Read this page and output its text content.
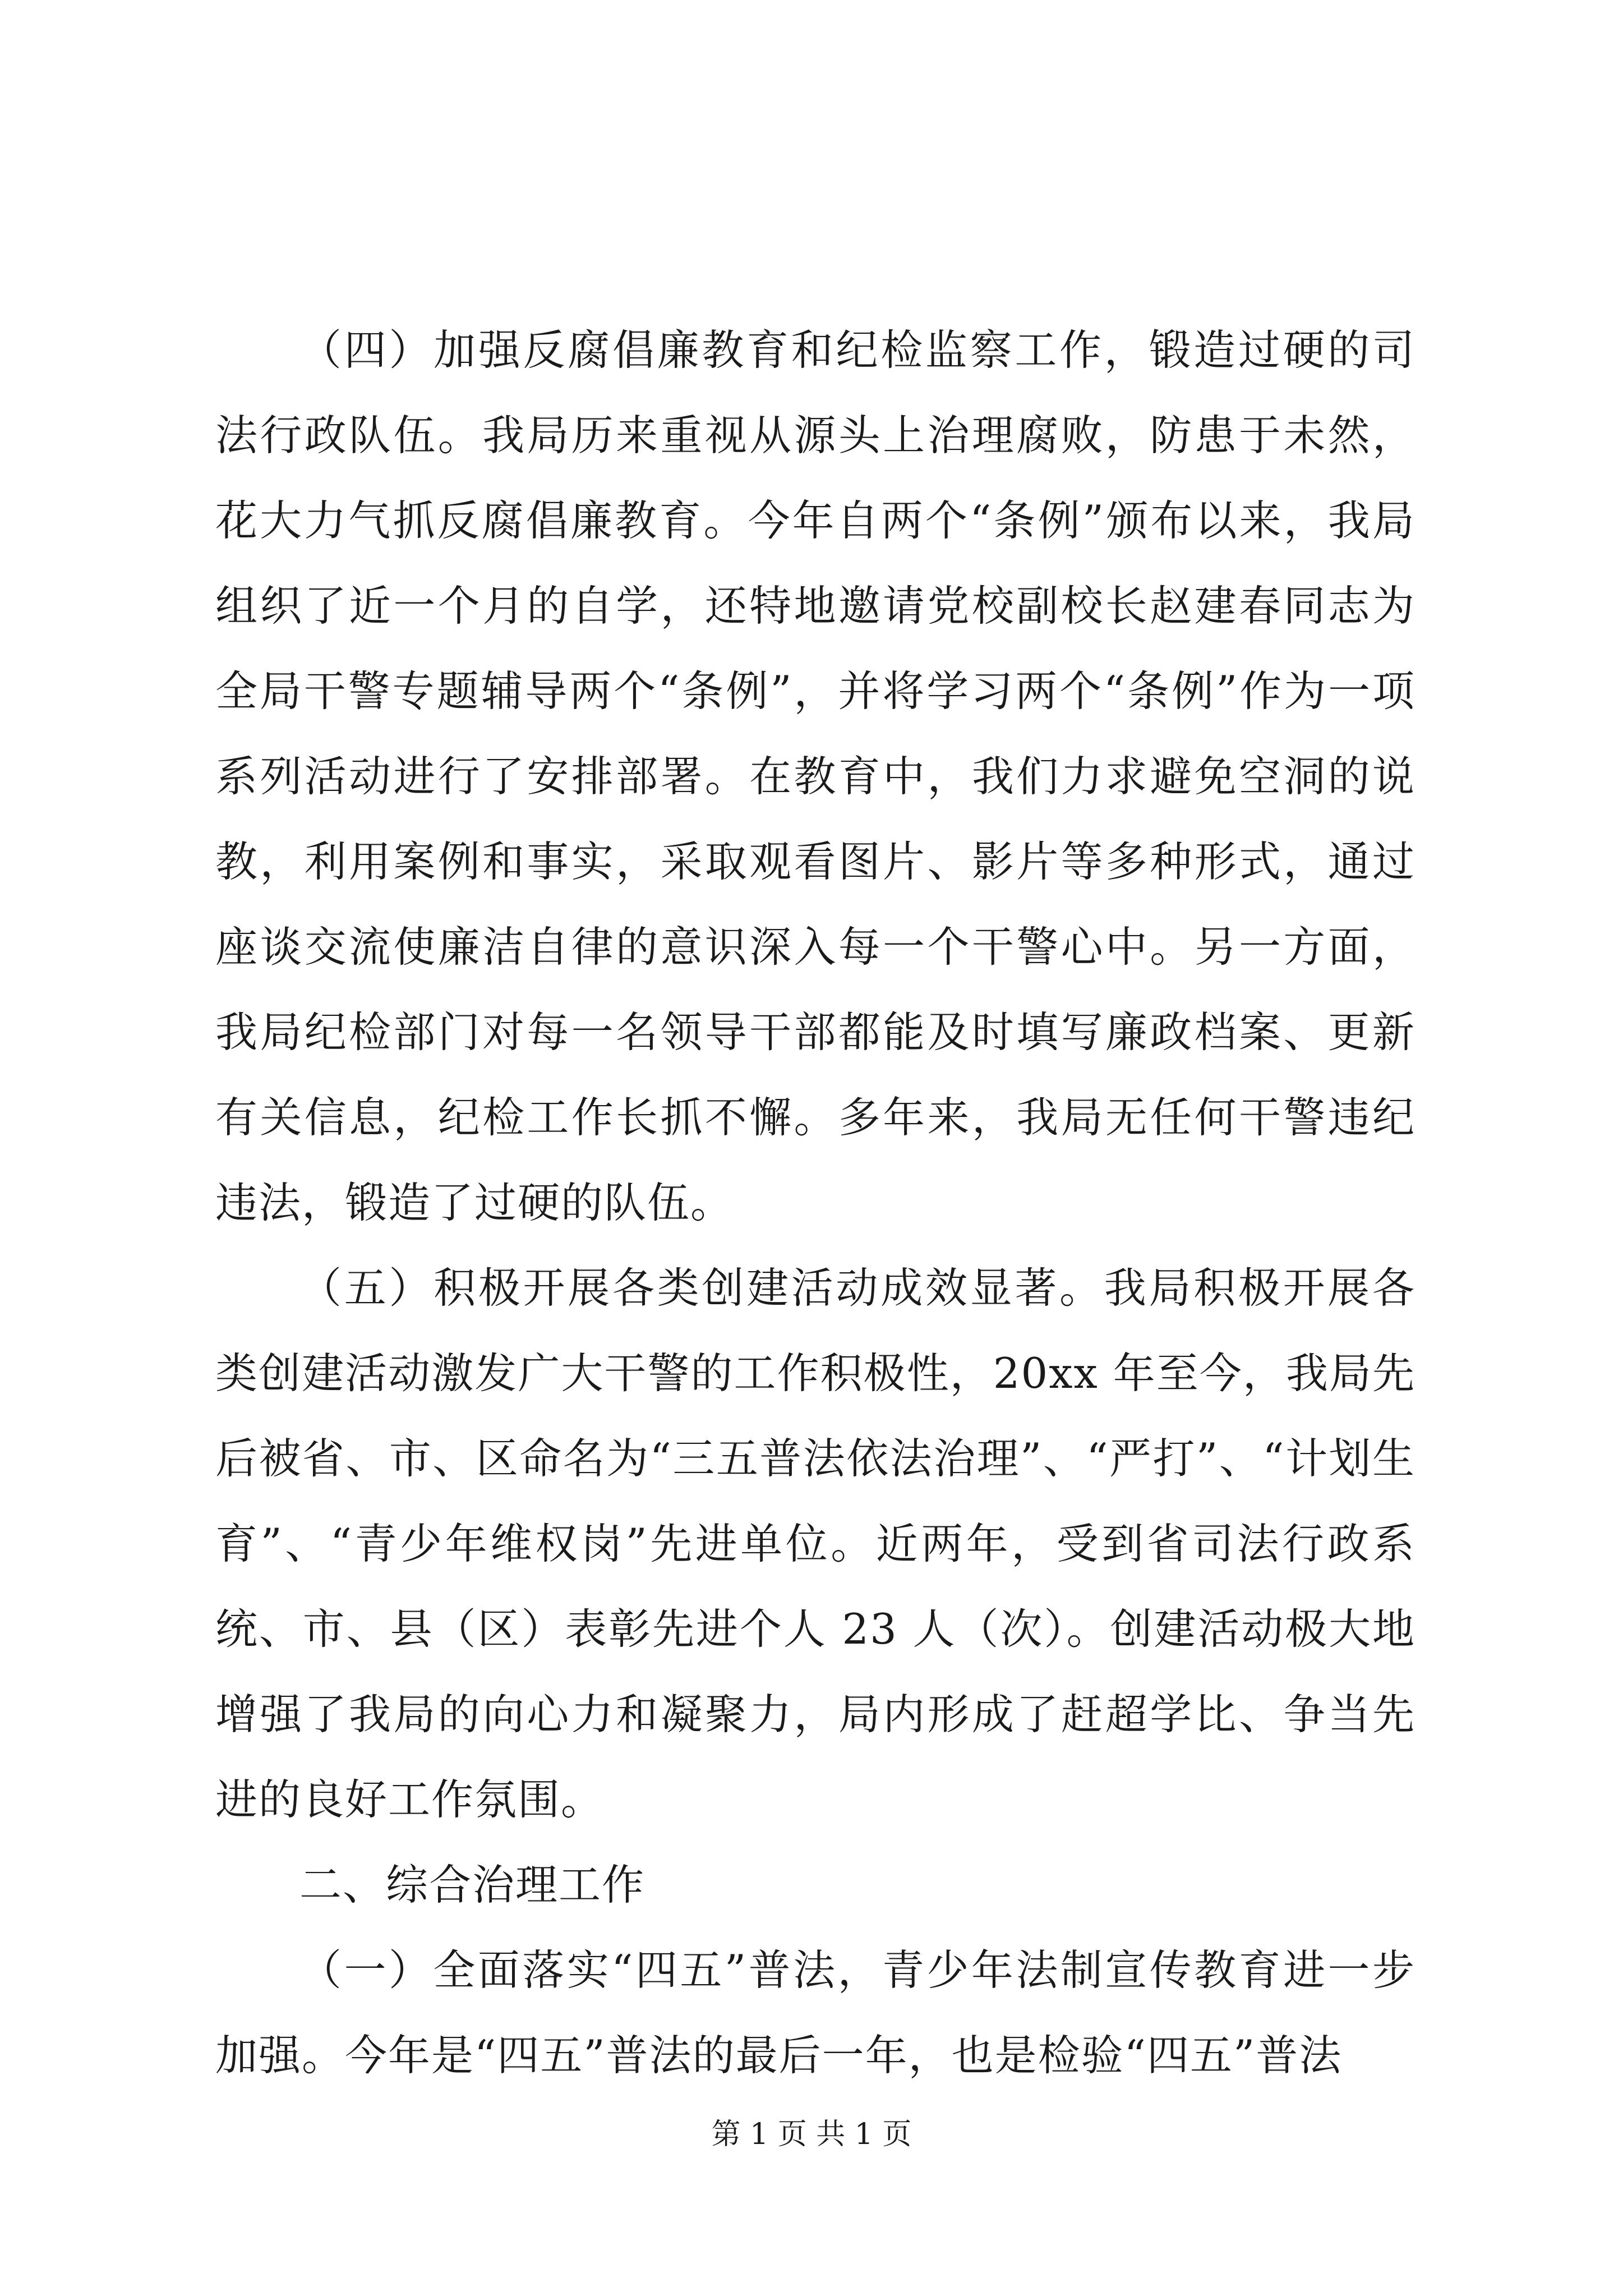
（四）加强反腐倡廉教育和纪检监察工作，锻造过硬的司法行政队伍。我局历来重视从源头上治理腐败，防患于未然，花大力气抓反腐倡廉教育。今年自两个“条例”颁布以来，我局组织了近一个月的自学，还特地邀请党校副校长赵建春同志为全局干警专题辅导两个“条例”，并将学习两个“条例”作为一项系列活动进行了安排部署。在教育中，我们力求避免空洞的说教，利用案例和事实，采取观看图片、影片等多种形式，通过座谈交流使廉洁自律的意识深入每一个干警心中。另一方面，我局纪检部门对每一名领导干部都能及时填写廉政档案、更新有关信息，纪检工作长抓不懈。多年来，我局无任何干警违纪违法，锻造了过硬的队伍。

（五）积极开展各类创建活动成效显著。我局积极开展各类创建活动激发广大干警的工作积极性，20xx 年至今，我局先后被省、市、区命名为“三五普法依法治理”、“严打”、“计划生育”、“青少年维权岗”先进单位。近两年，受到省司法行政系统、市、县（区）表彰先进个人 23 人（次）。创建活动极大地增强了我局的向心力和凝聚力，局内形成了赶超学比、争当先进的良好工作氛围。

二、综合治理工作

（一）全面落实“四五”普法，青少年法制宣传教育进一步加强。今年是“四五”普法的最后一年，也是检验“四五”普法

第 1 页 共 1 页
